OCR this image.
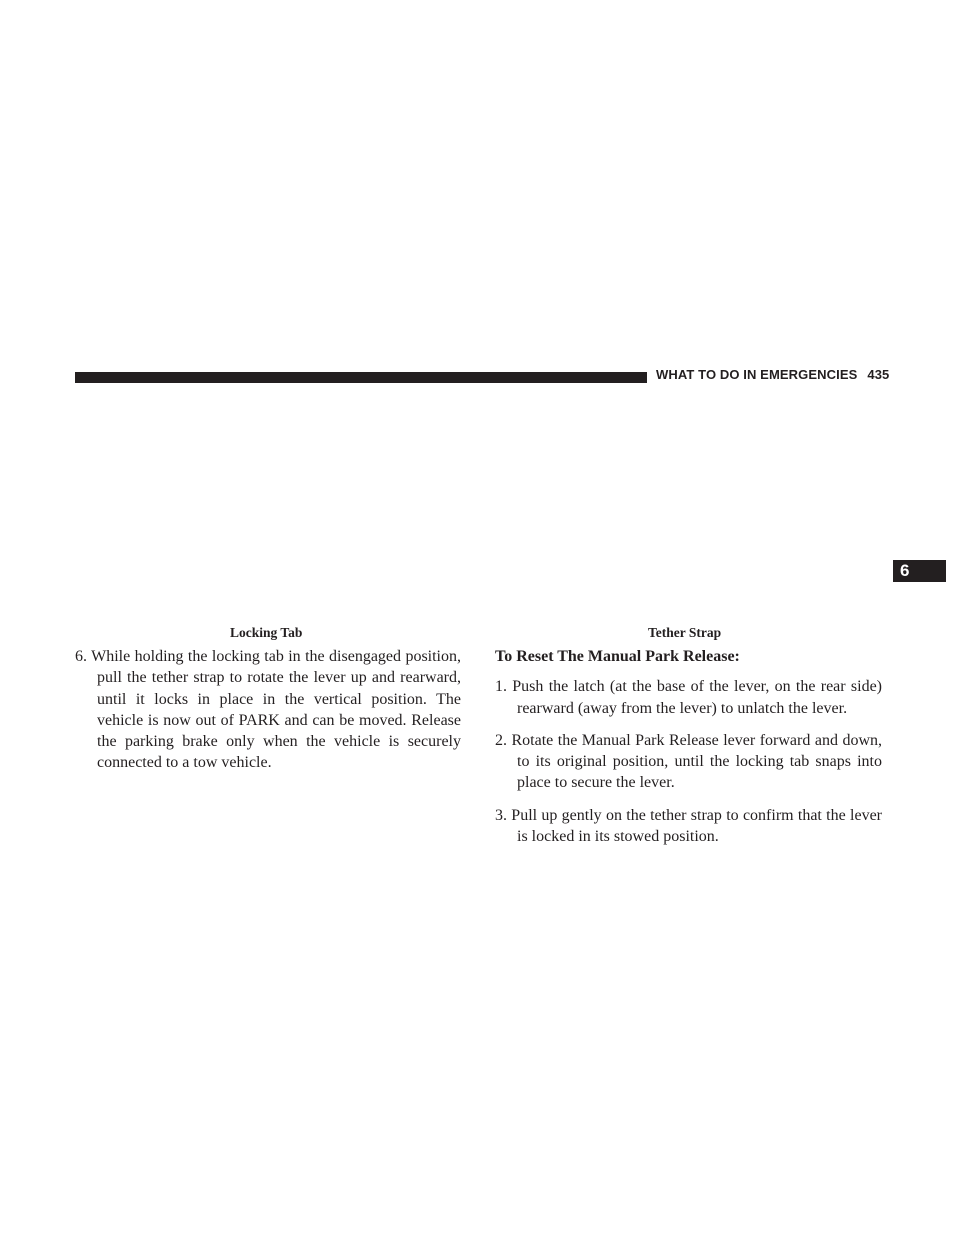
WHAT TO DO IN EMERGENCIES 435
6
Locking Tab	Tether Strap

6. While holding the locking tab in the disengaged position, pull the tether strap to rotate the lever up and rearward, until it locks in place in the vertical position. The vehicle is now out of PARK and can be moved. Release the parking brake only when the vehicle is securely connected to a tow vehicle.

To Reset The Manual Park Release:

1. Push the latch (at the base of the lever, on the rear side) rearward (away from the lever) to unlatch the lever.

2. Rotate the Manual Park Release lever forward and down, to its original position, until the locking tab snaps into place to secure the lever.

3. Pull up gently on the tether strap to confirm that the lever is locked in its stowed position.
